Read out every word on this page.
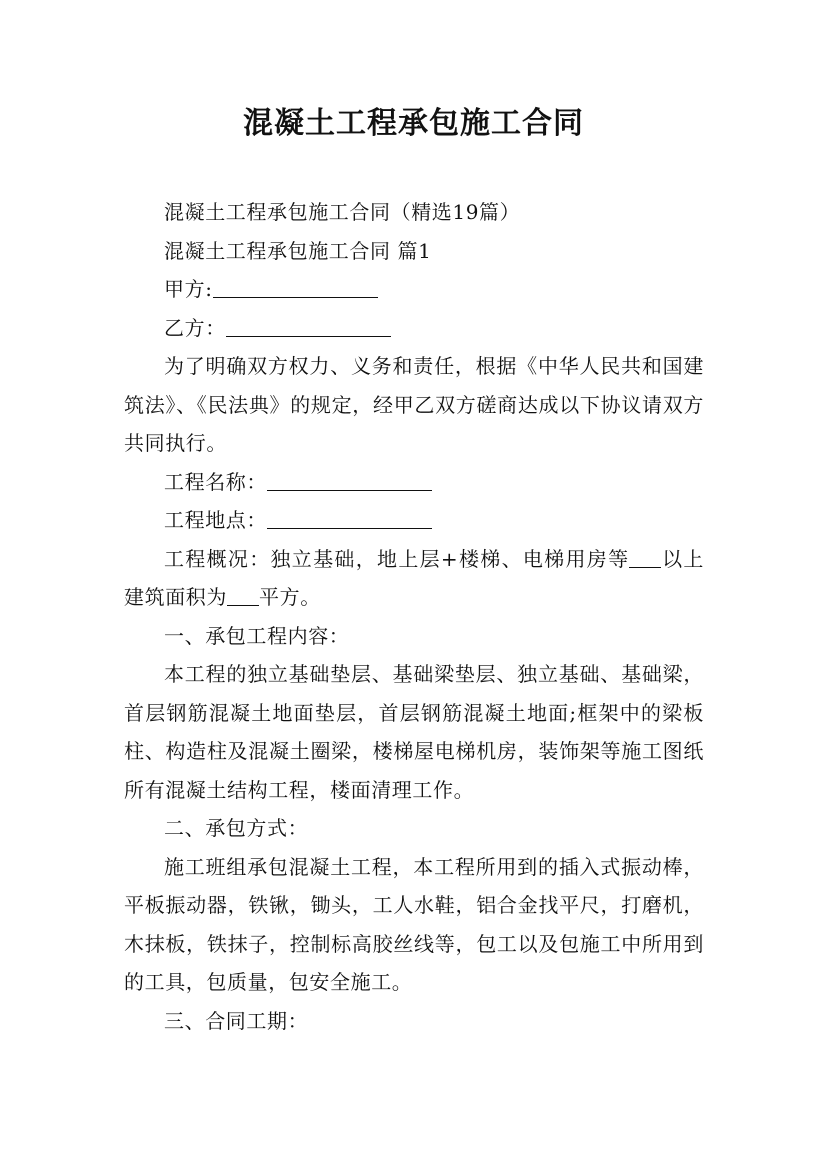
混凝土工程承包施工合同

混凝土工程承包施工合同（精选19篇）

混凝土工程承包施工合同 篇1

甲方:

乙方：

为了明确双方权力、义务和责任，根据《中华人民共和国建筑法》、《民法典》的规定，经甲乙双方磋商达成以下协议请双方共同执行。

工程名称：

工程地点：

工程概况：独立基础，地上层+楼梯、电梯用房等 以上建筑面积为 平方。

一、承包工程内容：

本工程的独立基础垫层、基础梁垫层、独立基础、基础梁，首层钢筋混凝土地面垫层，首层钢筋混凝土地面;框架中的梁板柱、构造柱及混凝土圈梁，楼梯屋电梯机房，装饰架等施工图纸所有混凝土结构工程，楼面清理工作。

二、承包方式：

施工班组承包混凝土工程，本工程所用到的插入式振动棒，平板振动器，铁锹，锄头，工人水鞋，铝合金找平尺，打磨机，木抹板，铁抹子，控制标高胶丝线等，包工以及包施工中所用到的工具，包质量，包安全施工。

三、合同工期：
